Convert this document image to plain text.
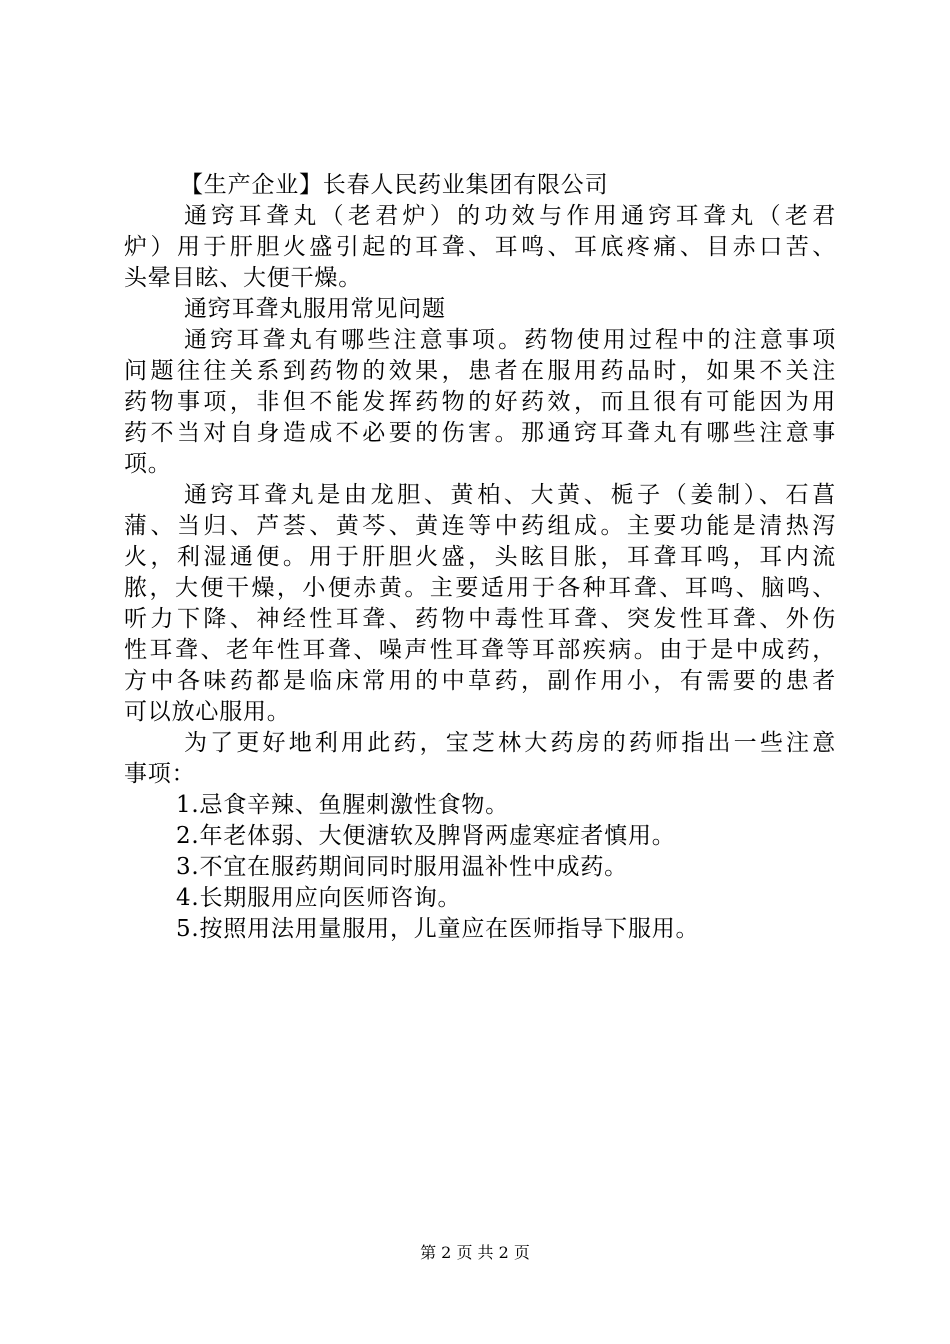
【生产企业】长春人民药业集团有限公司
通窍耳聋丸（老君炉）的功效与作用通窍耳聋丸（老君
炉）用于肝胆火盛引起的耳聋、耳鸣、耳底疼痛、目赤口苦、
头晕目眩、大便干燥。
通窍耳聋丸服用常见问题
通窍耳聋丸有哪些注意事项。药物使用过程中的注意事项
问题往往关系到药物的效果，患者在服用药品时，如果不关注
药物事项，非但不能发挥药物的好药效，而且很有可能因为用
药不当对自身造成不必要的伤害。那通窍耳聋丸有哪些注意事
项。
通窍耳聋丸是由龙胆、黄柏、大黄、栀子（姜制）、石菖
蒲、当归、芦荟、黄芩、黄连等中药组成。主要功能是清热泻
火，利湿通便。用于肝胆火盛，头眩目胀，耳聋耳鸣，耳内流
脓，大便干燥，小便赤黄。主要适用于各种耳聋、耳鸣、脑鸣、
听力下降、神经性耳聋、药物中毒性耳聋、突发性耳聋、外伤
性耳聋、老年性耳聋、噪声性耳聋等耳部疾病。由于是中成药，
方中各味药都是临床常用的中草药，副作用小，有需要的患者
可以放心服用。
为了更好地利用此药，宝芝林大药房的药师指出一些注意
事项：
1.忌食辛辣、鱼腥刺激性食物。
2.年老体弱、大便溏软及脾肾两虚寒症者慎用。
3.不宜在服药期间同时服用温补性中成药。
4.长期服用应向医师咨询。
5.按照用法用量服用，儿童应在医师指导下服用。
第 2 页 共 2 页
